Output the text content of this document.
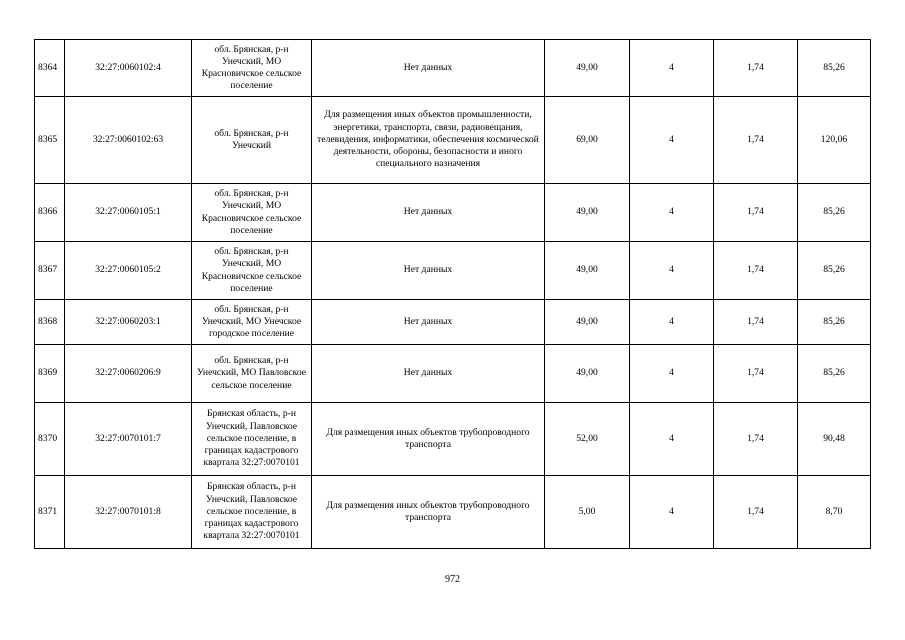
8364	32:27:0060102:4	обл. Брянская, р-н Унечский, МО Красновичское сельское поселение	Нет данных	49,00	4	1,74	85,26
8365	32:27:0060102:63	обл. Брянская, р-н Унечский	Для размещения иных объектов промышленности, энергетики, транспорта, связи, радиовещания, телевидения, информатики, обеспечения космической деятельности, обороны, безопасности и иного специального назначения	69,00	4	1,74	120,06
8366	32:27:0060105:1	обл. Брянская, р-н Унечский, МО Красновичское сельское поселение	Нет данных	49,00	4	1,74	85,26
8367	32:27:0060105:2	обл. Брянская, р-н Унечский, МО Красновичское сельское поселение	Нет данных	49,00	4	1,74	85,26
8368	32:27:0060203:1	обл. Брянская, р-н Унечский, МО Унечское городское поселение	Нет данных	49,00	4	1,74	85,26
8369	32:27:0060206:9	обл. Брянская, р-н Унечский, МО Павловское сельское поселение	Нет данных	49,00	4	1,74	85,26
8370	32:27:0070101:7	Брянская область, р-н Унечский, Павловское сельское поселение, в границах кадастрового квартала 32:27:0070101	Для размещения иных объектов трубопроводного транспорта	52,00	4	1,74	90,48
8371	32:27:0070101:8	Брянская область, р-н Унечский, Павловское сельское поселение, в границах кадастрового квартала 32:27:0070101	Для размещения иных объектов трубопроводного транспорта	5,00	4	1,74	8,70
972
